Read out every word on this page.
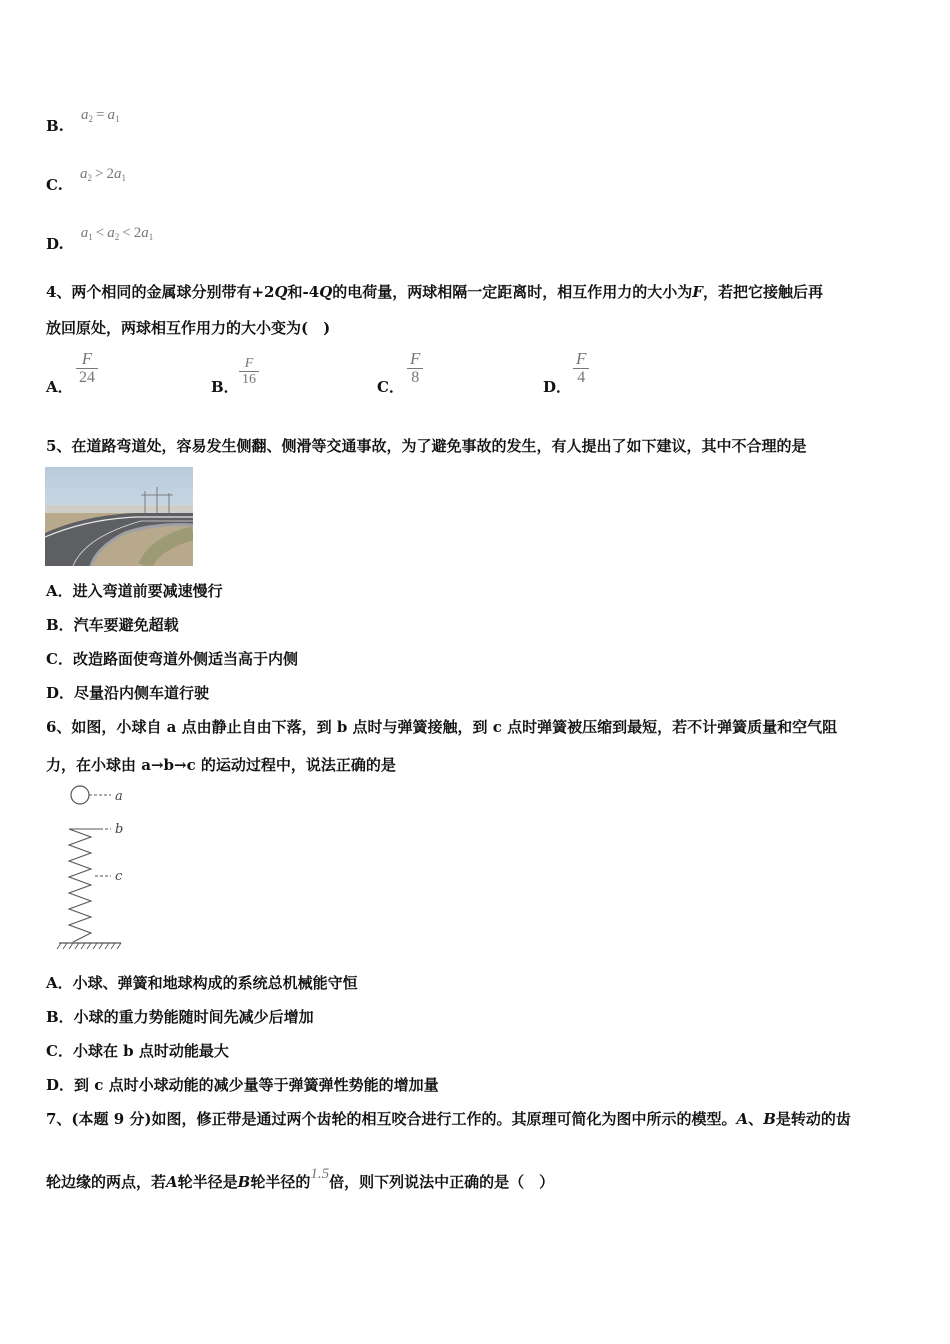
B. $a_2 = a_1$
C. $a_2 > 2a_1$
D. $a_1 < a_2 < 2a_1$
4、两个相同的金属球分别带有+2Q和-4Q的电荷量，两球相隔一定距离时，相互作用力的大小为F，若把它接触后再
放回原处，两球相互作用力的大小变为(　)
A．
F
24
B．
F
16	C．
F
8
D．
F
4
5、在道路弯道处，容易发生侧翻、侧滑等交通事故，为了避免事故的发生，有人提出了如下建议，其中不合理的是
A．进入弯道前要减速慢行
B．汽车要避免超载
C．改造路面使弯道外侧适当高于内侧
D．尽量沿内侧车道行驶
6、如图，小球自 a 点由静止自由下落，到 b 点时与弹簧接触，到 c 点时弹簧被压缩到最短，若不计弹簧质量和空气阻
力，在小球由 a→b→c 的运动过程中，说法正确的是
a
b
c
A．小球、弹簧和地球构成的系统总机械能守恒
B．小球的重力势能随时间先减少后增加
C．小球在 b 点时动能最大
D．到 c 点时小球动能的减少量等于弹簧弹性势能的增加量
7、(本题 9 分)如图，修正带是通过两个齿轮的相互咬合进行工作的。其原理可简化为图中所示的模型。A、B是转动的齿
轮边缘的两点，若A轮半径是B轮半径的1.5倍，则下列说法中正确的是（　）
